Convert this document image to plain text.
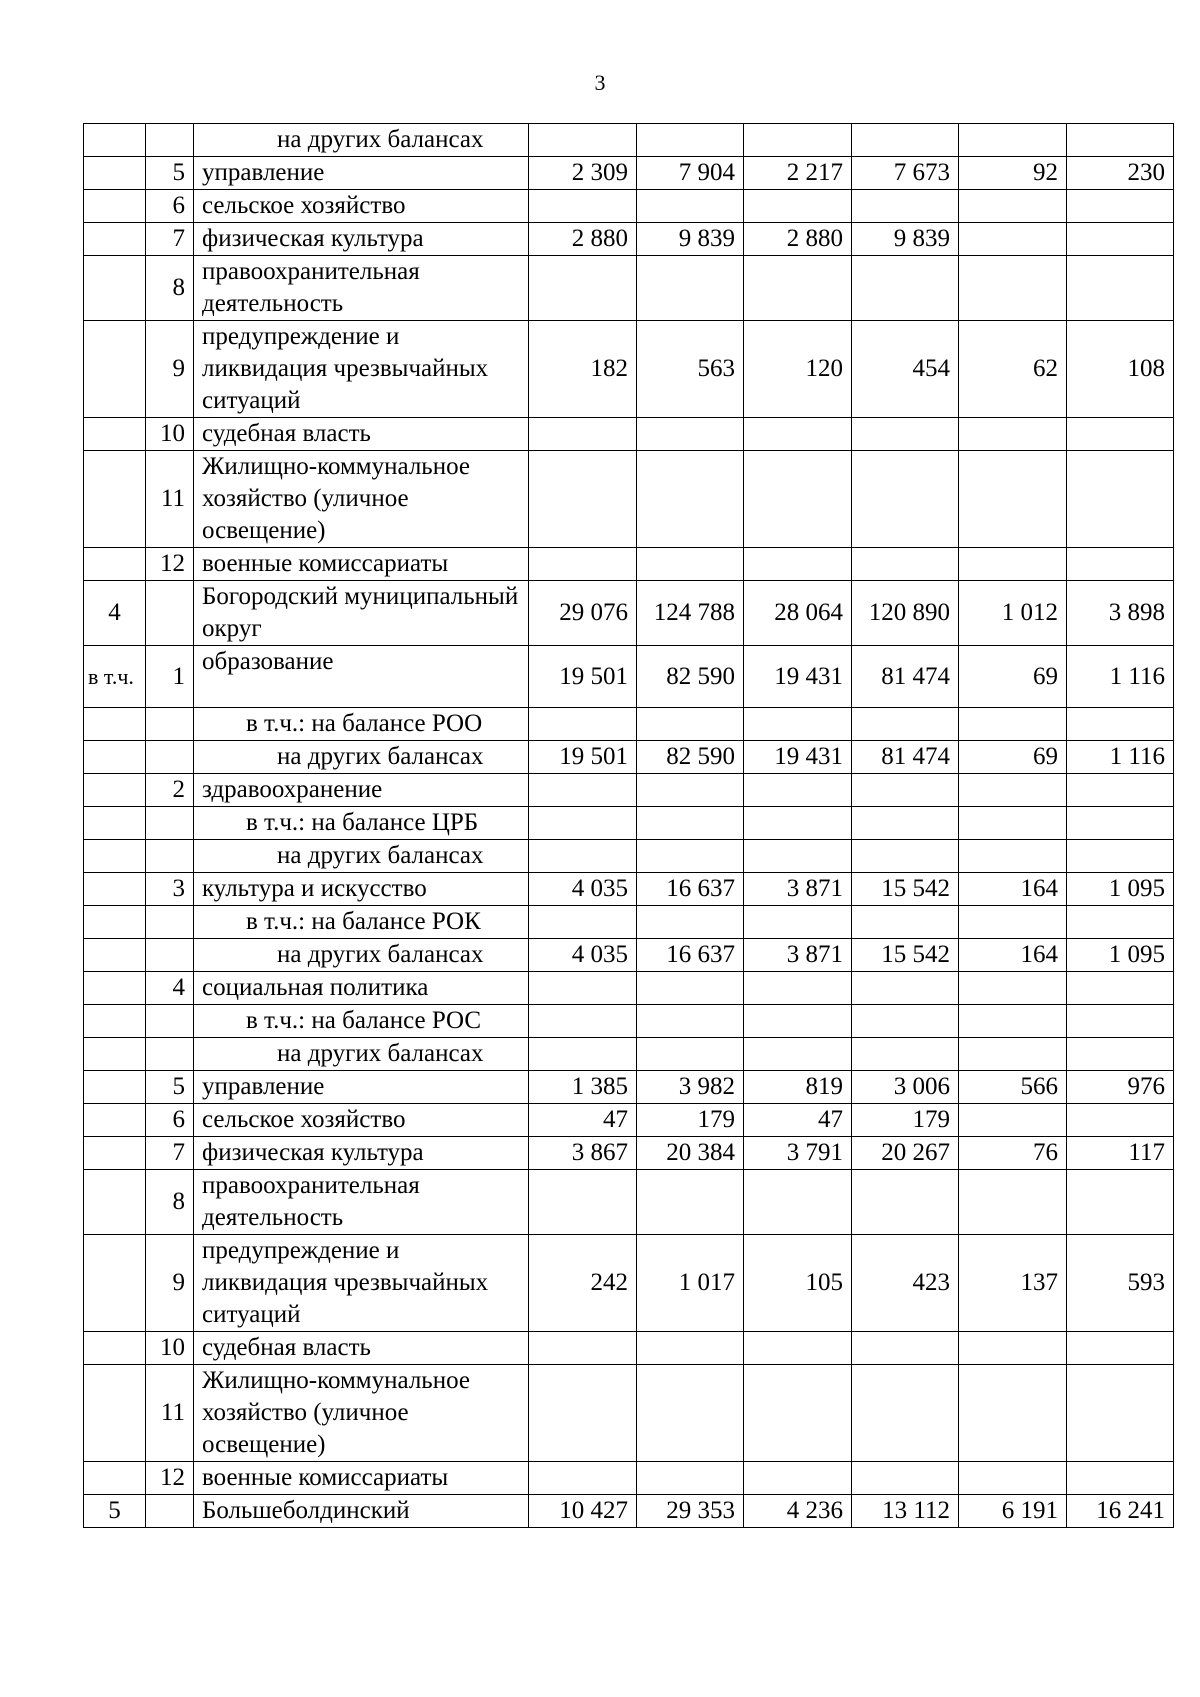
3
		на других балансах						
	5	управление	2 309	7 904	2 217	7 673	92	230
	6	сельское хозяйство						
	7	физическая культура	2 880	9 839	2 880	9 839		
	8	правоохранительная деятельность						
	9	предупреждение и ликвидация чрезвычайных ситуаций	182	563	120	454	62	108
	10	судебная власть						
	11	Жилищно-коммунальное хозяйство (уличное освещение)						
	12	военные комиссариаты						
4		Богородский муниципальный округ	29 076	124 788	28 064	120 890	1 012	3 898
в т.ч.	1	образование	19 501	82 590	19 431	81 474	69	1 116
		в т.ч.: на балансе РОО						
		на других балансах	19 501	82 590	19 431	81 474	69	1 116
	2	здравоохранение						
		в т.ч.: на балансе ЦРБ						
		на других балансах						
	3	культура и искусство	4 035	16 637	3 871	15 542	164	1 095
		в т.ч.: на балансе РОК						
		на других балансах	4 035	16 637	3 871	15 542	164	1 095
	4	социальная политика						
		в т.ч.: на балансе РОС						
		на других балансах						
	5	управление	1 385	3 982	819	3 006	566	976
	6	сельское хозяйство	47	179	47	179		
	7	физическая культура	3 867	20 384	3 791	20 267	76	117
	8	правоохранительная деятельность						
	9	предупреждение и ликвидация чрезвычайных ситуаций	242	1 017	105	423	137	593
	10	судебная власть						
	11	Жилищно-коммунальное хозяйство (уличное освещение)						
	12	военные комиссариаты						
5		Большеболдинский	10 427	29 353	4 236	13 112	6 191	16 241
